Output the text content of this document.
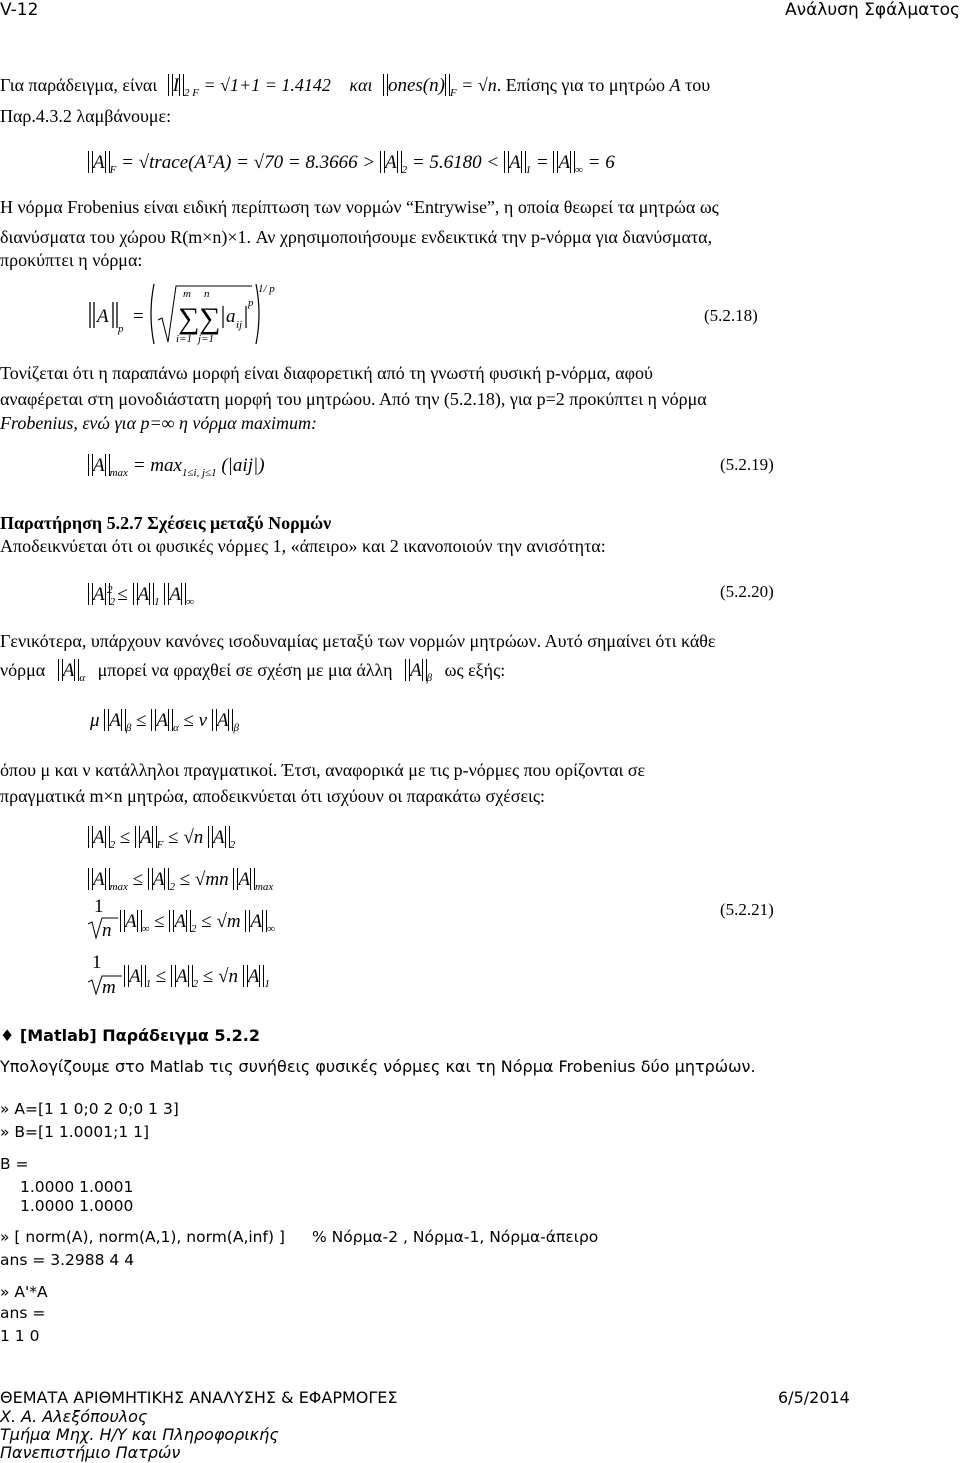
V-12	Ανάλυση Σφάλματος
Για παράδειγμα, είναι I $_{2 F}$ = √1+1 = 1.4142 και ones(n) $_F$ = √n. Επίσης για το μητρώο A του
Παρ.4.3.2 λαμβάνουμε:
A $_F$ = √trace(AᵀA) = √70 = 8.3666 > A $_2$ = 5.6180 < A $_1$ = A $_\infty$ = 6
Η νόρμα Frobenius είναι ειδική περίπτωση των νορμών “Entrywise”, η οποία θεωρεί τα μητρώα ως
διανύσματα του χώρου R(m×n)×1. Αν χρησιμοποιήσουμε ενδεικτικά την p-νόρμα για διανύσματα,
προκύπτει η νόρμα:
A
p
= ∑ ∑
m n
i=1 j=1
a ij
p
1/ p
(5.2.18)
Τονίζεται ότι η παραπάνω μορφή είναι διαφορετική από τη γνωστή φυσική p-νόρμα, αφού
αναφέρεται στη μονοδιάστατη μορφή του μητρώου. Από την (5.2.18), για p=2 προκύπτει η νόρμα
Frobenius, ενώ για p=∞ η νόρμα maximum:
A $_{max} = \max_{1\le i, j\le 1} (|aij|)$	(5.2.19)
Παρατήρηση 5.2.7 Σχέσεις μεταξύ Νορμών
Αποδεικνύεται ότι οι φυσικές νόρμες 1, «άπειρο» και 2 ικανοποιούν την ανισότητα:
A $_2^2$ ≤ A $_1$ A $_\infty$
(5.2.20)
Γενικότερα, υπάρχουν κανόνες ισοδυναμίας μεταξύ των νορμών μητρώων. Αυτό σημαίνει ότι κάθε
νόρμα A $_\alpha$ μπορεί να φραχθεί σε σχέση με μια άλλη A $_\beta$ ως εξής:
μ A $_\beta$ ≤ A $_\alpha$ ≤ ν A $_\beta$
όπου μ και ν κατάλληλοι πραγματικοί. Έτσι, αναφορικά με τις p-νόρμες που ορίζονται σε
πραγματικά m×n μητρώα, αποδεικνύεται ότι ισχύουν οι παρακάτω σχέσεις:
A $_2$ ≤ A $_F$ ≤ √n A $_2$
A $_{max}$ ≤ A $_2$ ≤ √mn A $_{max}$
1
n
1
m
A $_\infty$ ≤ A $_2$ ≤ √m A $_\infty$
A $_1$ ≤ A $_2$ ≤ √n A $_1$
(5.2.21)
♦ [Matlab] Παράδειγμα 5.2.2
Υπολογίζουμε στο Matlab τις συνήθεις φυσικές νόρμες και τη Νόρμα Frobenius δύο μητρώων.
» A=[1 1 0;0 2 0;0 1 3]
» B=[1 1.0001;1 1]
B =
1.0000 1.0001
1.0000 1.0000
» [ norm(A), norm(A,1), norm(A,inf) ] % Νόρμα-2 , Νόρμα-1, Νόρμα-άπειρο
ans = 3.2988 4 4
» A'*A
ans =
1 1 0
ΘΕΜΑΤΑ ΑΡΙΘΜΗΤΙΚΗΣ ΑΝΑΛΥΣΗΣ & ΕΦΑΡΜΟΓΕΣ	6/5/2014
Χ. Α. Αλεξόπουλος
Τμήμα Μηχ. Η/Υ και Πληροφορικής
Πανεπιστήμιο Πατρών
